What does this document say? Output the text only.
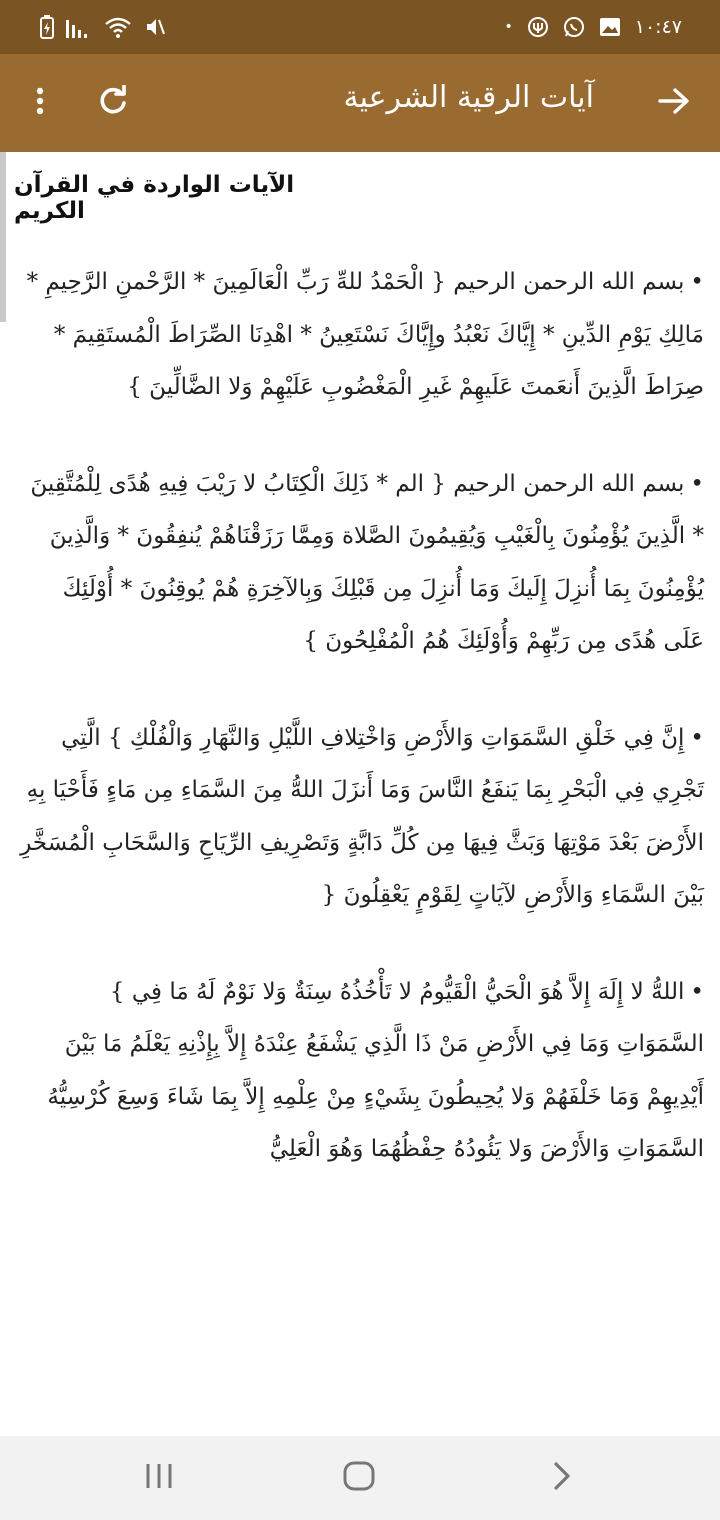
•	١٠:٤٧
آيات الرقية الشرعية
الآيات الواردة في القرآن الكريم

•بسم الله الرحمن الرحيم { الْحَمْدُ للهِّ رَبِّ الْعَالَمِينَ * الرَّحْمنِ الرَّحِيمِ * مَالِكِ يَوْمِ الدِّينِ * إِيَّاكَ نَعْبُدُ وإِيَّاكَ نَسْتَعِينُ * اهْدِنَا الصِّرَاطَ الْمُستَقِيمَ * صِرَاطَ الَّذِينَ أَنعَمتَ عَلَيهِمْ غَيرِ الْمَغْضُوبِ عَلَيْهِمْ وَلا الضَّالِّينَ }

•بسم الله الرحمن الرحيم { الم * ذَلِكَ الْكِتَابُ لا رَيْبَ فِيهِ هُدًى لِلْمُتَّقِينَ * الَّذِينَ يُؤْمِنُونَ بِالْغَيْبِ وَيُقِيمُونَ الصَّلاة وَمِمَّا رَزَقْنَاهُمْ يُنفِقُونَ * وَالَّذِينَ يُؤْمِنُونَ بِمَا أُنزِلَ إِلَيكَ وَمَا أُنزِلَ مِن قَبْلِكَ وَبِالآخِرَةِ هُمْ يُوقِنُونَ * أُوْلَئِكَ عَلَى هُدًى مِن رَبِّهِمْ وَأُوْلَئِكَ هُمُ الْمُفْلِحُونَ }

•إِنَّ فِي خَلْقِ السَّمَوَاتِ وَالأَرْضِ وَاخْتِلافِ اللَّيْلِ وَالنَّهَارِ وَالْفُلْكِ } الَّتِي تَجْرِي فِي الْبَحْرِ بِمَا يَنفَعُ النَّاسَ وَمَا أَنزَلَ اللهُّ مِنَ السَّمَاءِ مِن مَاءٍ فَأَحْيَا بِهِ الأَرْضَ بَعْدَ مَوْتِهَا وَبَثَّ فِيهَا مِن كُلِّ دَابَّةٍ وَتَصْرِيفِ الرِّيَاحِ وَالسَّحَابِ الْمُسَخَّرِ بَيْنَ السَّمَاءِ وَالأَرْضِ لآيَاتٍ لِقَوْمٍ يَعْقِلُونَ {

•اللهُّ لا إِلَهَ إِلاَّ هُوَ الْحَيُّ الْقَيُّومُ لا تَأْخُذُهُ سِنَةٌ وَلا نَوْمٌ لَهُ مَا فِي } السَّمَوَاتِ وَمَا فِي الأَرْضِ مَنْ ذَا الَّذِي يَشْفَعُ عِنْدَهُ إِلاَّ بِإِذْنِهِ يَعْلَمُ مَا بَيْنَ أَيْدِيهِمْ وَمَا خَلْفَهُمْ وَلا يُحِيطُونَ بِشَيْءٍ مِنْ عِلْمِهِ إِلاَّ بِمَا شَاءَ وَسِعَ كُرْسِيُّهُ السَّمَوَاتِ وَالأَرْضَ وَلا يَئُودُهُ حِفْظُهُمَا وَهُوَ الْعَلِيُّ
